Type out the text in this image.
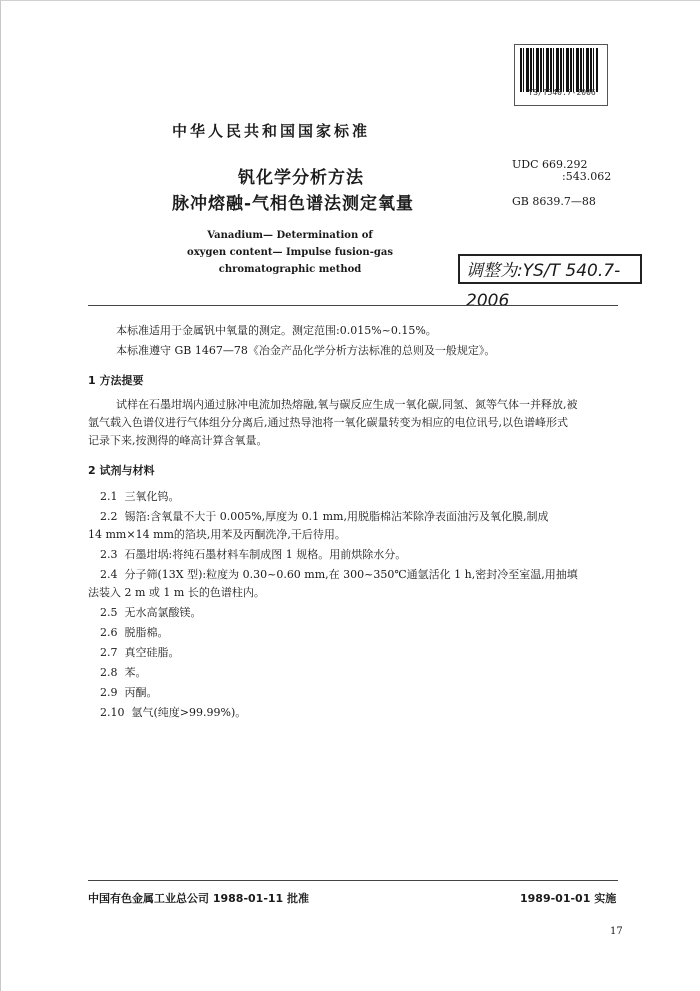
YS/T540.7-2006
中华人民共和国国家标准
钒化学分析方法
脉冲熔融-气相色谱法测定氧量
UDC 669.292
:543.062
GB 8639.7—88
Vanadium— Determination of
oxygen content— Impulse fusion-gas
chromatographic method	调整为:YS/T 540.7-2006
本标准适用于金属钒中氧量的测定。测定范围:0.015%~0.15%。
本标准遵守 GB 1467—78《冶金产品化学分析方法标准的总则及一般规定》。
1 方法提要
试样在石墨坩埚内通过脉冲电流加热熔融,氧与碳反应生成一氧化碳,同氢、氮等气体一并释放,被
氩气载入色谱仪进行气体组分分离后,通过热导池将一氧化碳量转变为相应的电位讯号,以色谱峰形式
记录下来,按测得的峰高计算含氧量。
2 试剂与材料
2.1 三氧化钨。
2.2 锡箔:含氧量不大于 0.005%,厚度为 0.1 mm,用脱脂棉沾苯除净表面油污及氧化膜,制成
14 mm×14 mm的箔块,用苯及丙酮洗净,干后待用。
2.3 石墨坩埚:将纯石墨材料车制成图 1 规格。用前烘除水分。
2.4 分子筛(13X 型):粒度为 0.30~0.60 mm,在 300~350℃通氩活化 1 h,密封冷至室温,用抽填
法装入 2 m 或 1 m 长的色谱柱内。
2.5 无水高氯酸镁。
2.6 脱脂棉。
2.7 真空硅脂。
2.8 苯。
2.9 丙酮。
2.10 氩气(纯度>99.99%)。
中国有色金属工业总公司 1988-01-11 批准	1989-01-01 实施
17
